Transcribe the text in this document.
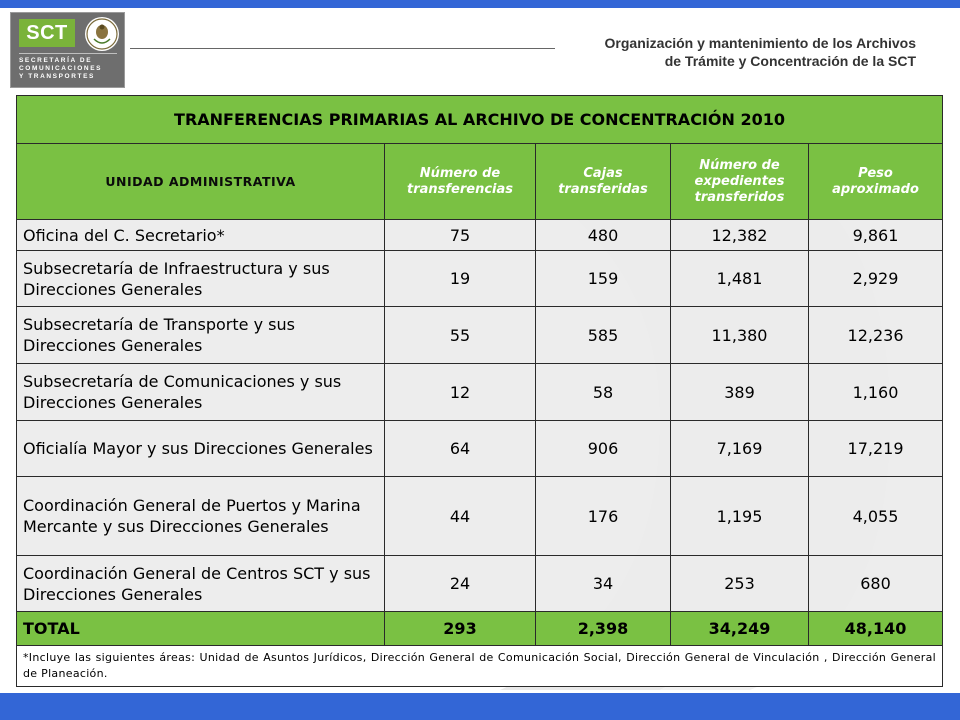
SCT
SECRETARÍA DE
COMUNICACIONES
Y TRANSPORTES
Organización y mantenimiento de los Archivos
de Trámite y Concentración de la SCT
TRANFERENCIAS PRIMARIAS AL ARCHIVO DE CONCENTRACIÓN 2010				
UNIDAD ADMINISTRATIVA	Número de transferencias	Cajas transferidas	Número de expedientes transferidos	Peso aproximado
Oficina del C. Secretario*	75	480	12,382	9,861
Subsecretaría de Infraestructura y sus Direcciones Generales	19	159	1,481	2,929
Subsecretaría de Transporte y sus Direcciones Generales	55	585	11,380	12,236
Subsecretaría de Comunicaciones y sus Direcciones Generales	12	58	389	1,160
Oficialía Mayor y sus Direcciones Generales	64	906	7,169	17,219
Coordinación General de Puertos y Marina Mercante y sus Direcciones Generales	44	176	1,195	4,055
Coordinación General de Centros SCT y sus Direcciones Generales	24	34	253	680
TOTAL	293	2,398	34,249	48,140
*Incluye las siguientes áreas: Unidad de Asuntos Jurídicos, Dirección General de Comunicación Social, Dirección General de Vinculación , Dirección General de Planeación.				
